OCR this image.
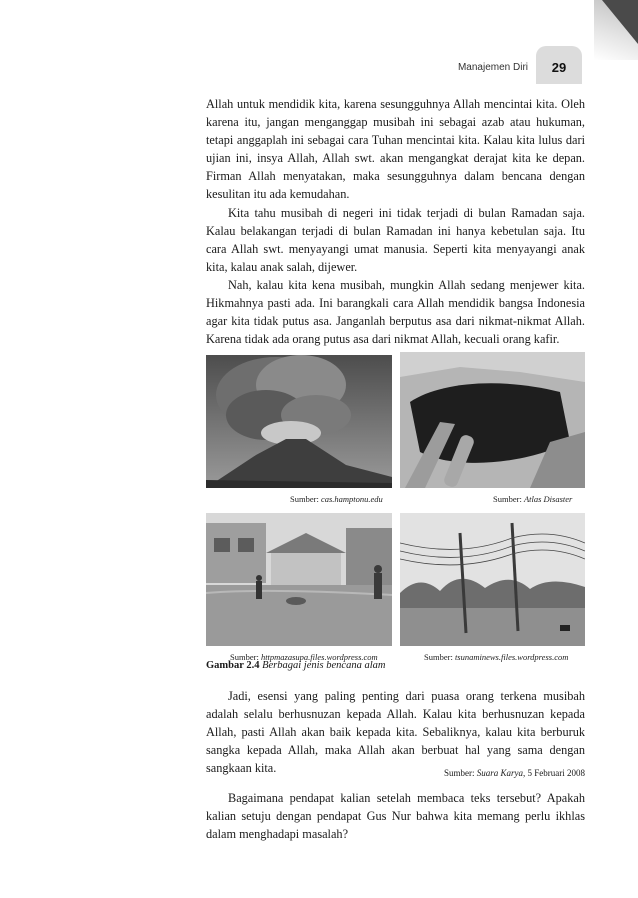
Manajemen Diri	29

Allah untuk mendidik kita, karena sesungguhnya Allah mencintai kita. Oleh karena itu, jangan menganggap musibah ini sebagai azab atau hukuman, tetapi anggaplah ini sebagai cara Tuhan mencintai kita. Kalau kita lulus dari ujian ini, insya Allah, Allah swt. akan mengangkat derajat kita ke depan. Firman Allah menyatakan, maka sesungguhnya dalam bencana dengan kesulitan itu ada kemudahan.

Kita tahu musibah di negeri ini tidak terjadi di bulan Ramadan saja. Kalau belakangan terjadi di bulan Ramadan ini hanya kebetulan saja. Itu cara Allah swt. menyayangi umat manusia. Seperti kita menyayangi anak kita, kalau anak salah, dijewer.

Nah, kalau kita kena musibah, mungkin Allah sedang menjewer kita. Hikmahnya pasti ada. Ini barangkali cara Allah mendidik bangsa Indonesia agar kita tidak putus asa. Janganlah berputus asa dari nikmat-nikmat Allah. Karena tidak ada orang putus asa dari nikmat Allah, kecuali orang kafir.

Sumber: cas.hamptonu.edu	Sumber: Atlas Disaster
Sumber: httpmazasupa.files.wordpress.com	Sumber: tsunaminews.files.wordpress.com
Gambar 2.4 Berbagai jenis bencana alam

Jadi, esensi yang paling penting dari puasa orang terkena musibah adalah selalu berhusnuzan kepada Allah. Kalau kita berhusnuzan kepada Allah, pasti Allah akan baik kepada kita. Sebaliknya, kalau kita berburuk sangka kepada Allah, maka Allah akan berbuat hal yang sama dengan sangkaan kita.	Sumber: Suara Karya, 5 Februari 2008

Bagaimana pendapat kalian setelah membaca teks tersebut? Apakah kalian setuju dengan pendapat Gus Nur bahwa kita memang perlu ikhlas dalam menghadapi masalah?
